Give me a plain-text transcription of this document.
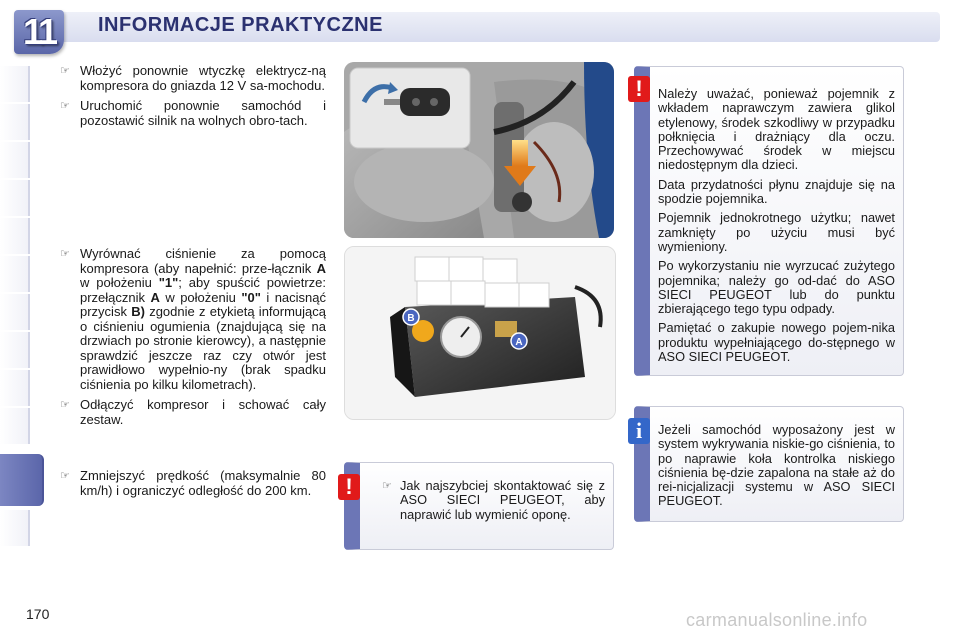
11	INFORMACJE PRAKTYCZNE
☞ Włożyć ponownie wtyczkę elektrycz-ną kompresora do gniazda 12 V sa-mochodu.
☞ Uruchomić ponownie samochód i pozostawić silnik na wolnych obro-tach.
☞ Wyrównać ciśnienie za pomocą kompresora (aby napełnić: prze-łącznik A w położeniu "1"; aby spuścić powietrze: przełącznik A w położeniu "0" i nacisnąć przycisk B) zgodnie z etykietą informującą o ciśnieniu ogumienia (znajdującą się na drzwiach po stronie kierowcy), a następnie sprawdzić jeszcze raz czy otwór jest prawidłowo wypełnio-ny (brak spadku ciśnienia po kilku kilometrach).
☞ Odłączyć kompresor i schować cały zestaw.
☞ Zmniejszyć prędkość (maksymalnie 80 km/h) i ograniczyć odległość do 200 km.
B
A

Należy uważać, ponieważ pojemnik z wkładem naprawczym zawiera glikol etylenowy, środek szkodliwy w przypadku połknięcia i drażniący dla oczu. Przechowywać środek w miejscu niedostępnym dla dzieci.

Data przydatności płynu znajduje się na spodzie pojemnika.

Pojemnik jednokrotnego użytku; nawet zamknięty po użyciu musi być wymieniony.

Po wykorzystaniu nie wyrzucać zużytego pojemnika; należy go od-dać do ASO SIECI PEUGEOT lub do punktu zbierającego tego typu odpady.

Pamiętać o zakupie nowego pojem-nika produktu wypełniającego do-stępnego w ASO SIECI PEUGEOT.

!

Jeżeli samochód wyposażony jest w system wykrywania niskie-go ciśnienia, to po naprawie koła kontrolka niskiego ciśnienia bę-dzie zapalona na stałe aż do rei-nicjalizacji systemu w ASO SIECI PEUGEOT.

i
☞ Jak najszybciej skontaktować się z ASO SIECI PEUGEOT, aby naprawić lub wymienić oponę.
!
170	carmanualsonline.info
